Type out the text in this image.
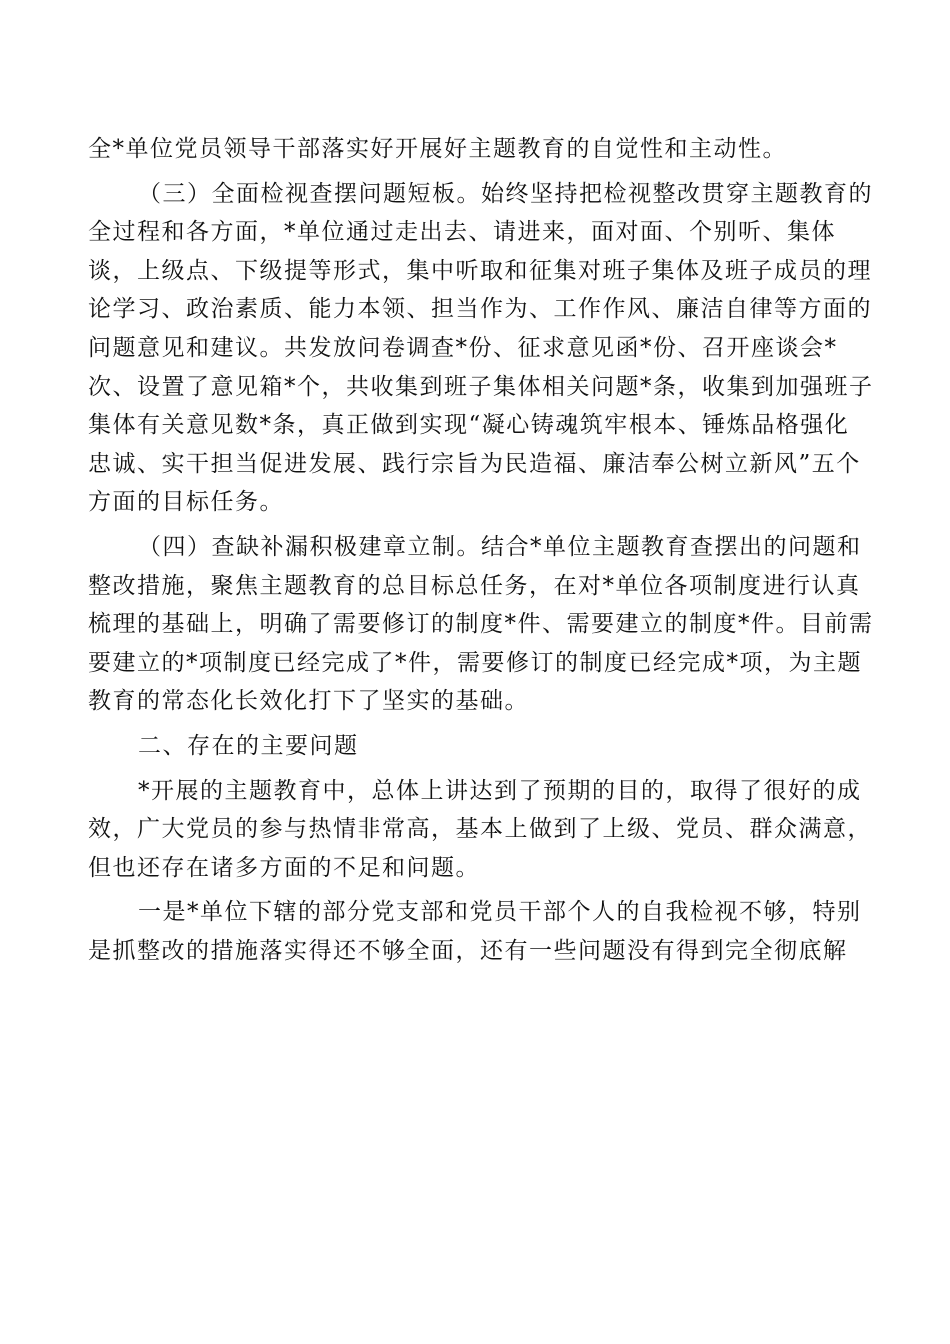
全*单位党员领导干部落实好开展好主题教育的自觉性和主动性。
（三）全面检视查摆问题短板。始终坚持把检视整改贯穿主题教育的
全过程和各方面，*单位通过走出去、请进来，面对面、个别听、集体
谈，上级点、下级提等形式，集中听取和征集对班子集体及班子成员的理
论学习、政治素质、能力本领、担当作为、工作作风、廉洁自律等方面的
问题意见和建议。共发放问卷调查*份、征求意见函*份、召开座谈会*
次、设置了意见箱*个，共收集到班子集体相关问题*条，收集到加强班子
集体有关意见数*条，真正做到实现“凝心铸魂筑牢根本、锤炼品格强化
忠诚、实干担当促进发展、践行宗旨为民造福、廉洁奉公树立新风”五个
方面的目标任务。
（四）查缺补漏积极建章立制。结合*单位主题教育查摆出的问题和
整改措施，聚焦主题教育的总目标总任务，在对*单位各项制度进行认真
梳理的基础上，明确了需要修订的制度*件、需要建立的制度*件。目前需
要建立的*项制度已经完成了*件，需要修订的制度已经完成*项，为主题
教育的常态化长效化打下了坚实的基础。
二、存在的主要问题
*开展的主题教育中，总体上讲达到了预期的目的，取得了很好的成
效，广大党员的参与热情非常高，基本上做到了上级、党员、群众满意，
但也还存在诸多方面的不足和问题。
一是*单位下辖的部分党支部和党员干部个人的自我检视不够，特别
是抓整改的措施落实得还不够全面，还有一些问题没有得到完全彻底解
